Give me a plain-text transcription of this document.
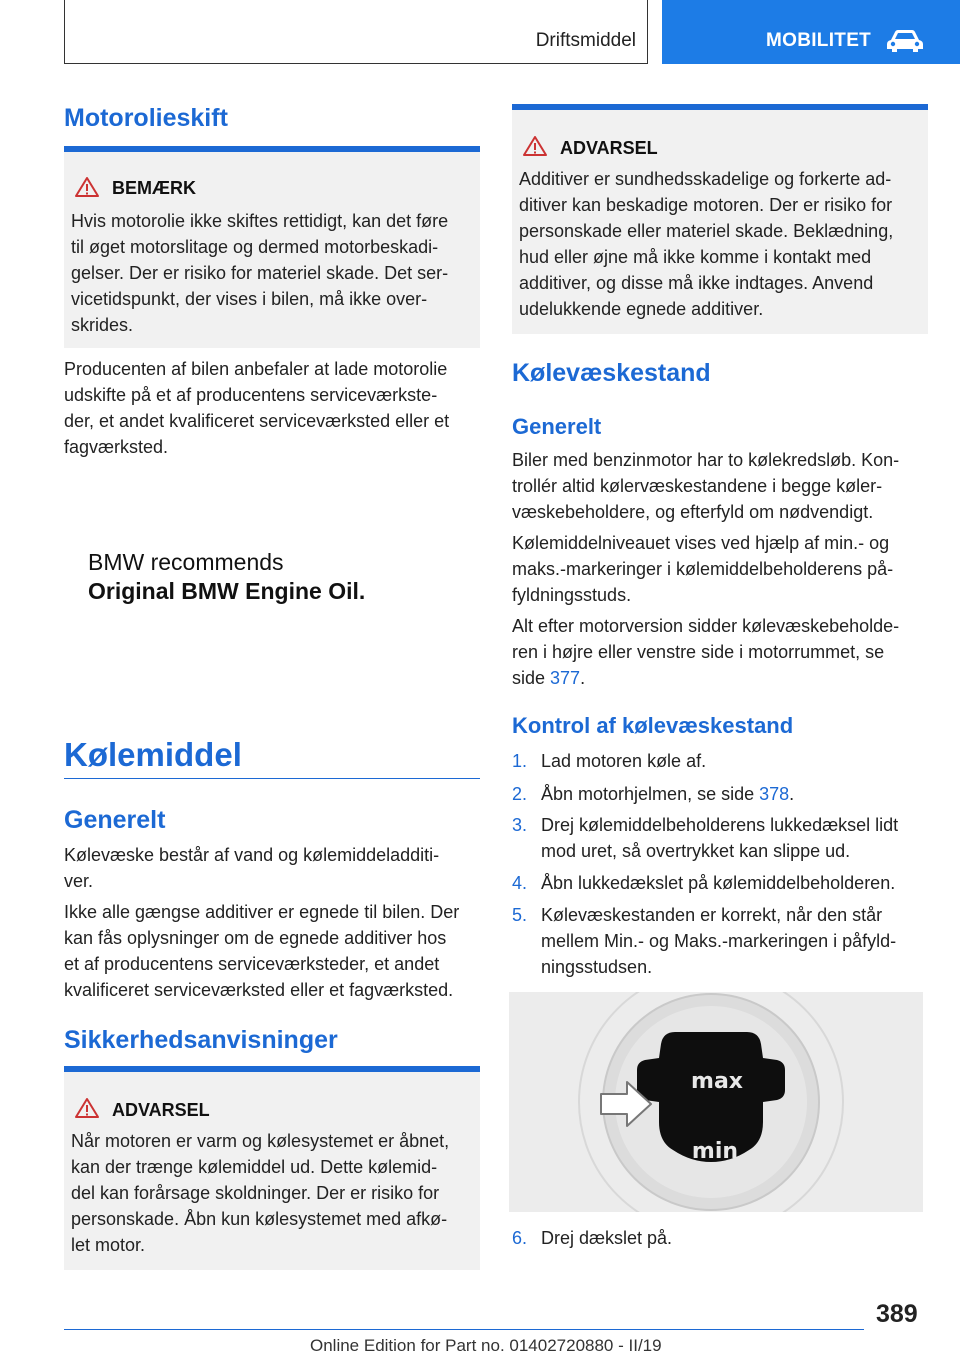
Driftsmiddel	MOBILITET
Motorolieskift
BEMÆRK
Hvis motorolie ikke skiftes rettidigt, kan det føre
til øget motorslitage og dermed motorbeskadi-
gelser. Der er risiko for materiel skade. Det ser-
vicetidspunkt, der vises i bilen, må ikke over-
skrides.
Producenten af bilen anbefaler at lade motorolie
udskifte på et af producentens serviceværkste-
der, et andet kvalificeret serviceværksted eller et
fagværksted.
BMW recommends
Original BMW Engine Oil.
Kølemiddel
Generelt
Kølevæske består af vand og kølemiddeladditi-
ver.
Ikke alle gængse additiver er egnede til bilen. Der
kan fås oplysninger om de egnede additiver hos
et af producentens serviceværksteder, et andet
kvalificeret serviceværksted eller et fagværksted.
Sikkerhedsanvisninger
ADVARSEL
Når motoren er varm og kølesystemet er åbnet,
kan der trænge kølemiddel ud. Dette kølemid-
del kan forårsage skoldninger. Der er risiko for
personskade. Åbn kun kølesystemet med afkø-
let motor.
ADVARSEL
Additiver er sundhedsskadelige og forkerte ad-
ditiver kan beskadige motoren. Der er risiko for
personskade eller materiel skade. Beklædning,
hud eller øjne må ikke komme i kontakt med
additiver, og disse må ikke indtages. Anvend
udelukkende egnede additiver.
Kølevæskestand
Generelt
Biler med benzinmotor har to kølekredsløb. Kon-
trollér altid kølervæskestandene i begge køler-
væskebeholdere, og efterfyld om nødvendigt.
Kølemiddelniveauet vises ved hjælp af min.- og
maks.-markeringer i kølemiddelbeholderens på-
fyldningsstuds.
Alt efter motorversion sidder kølevæskebeholde-
ren i højre eller venstre side i motorrummet, se
side 377.
Kontrol af kølevæskestand
1. Lad motoren køle af.
2. Åbn motorhjelmen, se side 378.
3. Drej kølemiddelbeholderens lukkedæksel lidt
mod uret, så overtrykket kan slippe ud.
4. Åbn lukkedækslet på kølemiddelbeholderen.
5. Kølevæskestanden er korrekt, når den står
mellem Min.- og Maks.-markeringen i påfyld-
ningsstudsen.
max
min
6. Drej dækslet på.
389
Online Edition for Part no. 01402720880 - II/19
